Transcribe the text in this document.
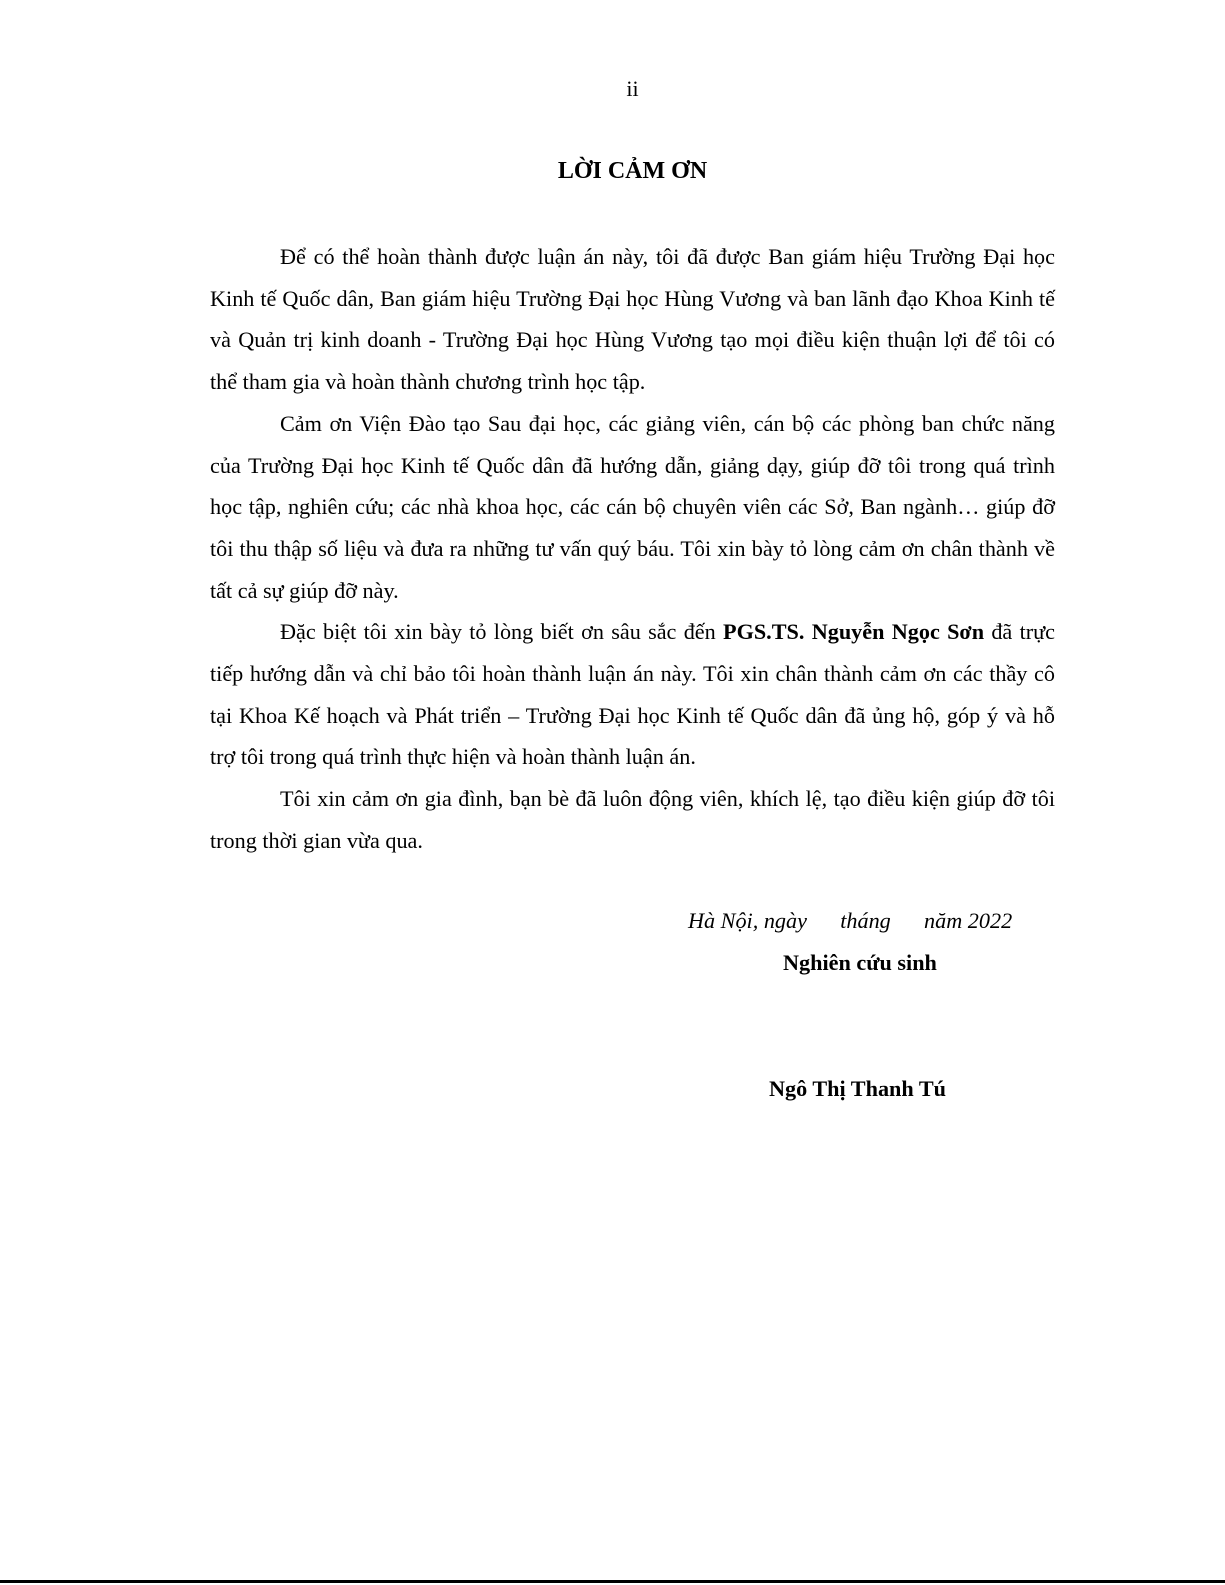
ii
LỜI CẢM ƠN

Để có thể hoàn thành được luận án này, tôi đã được Ban giám hiệu Trường Đại học Kinh tế Quốc dân, Ban giám hiệu Trường Đại học Hùng Vương và ban lãnh đạo Khoa Kinh tế và Quản trị kinh doanh - Trường Đại học Hùng Vương tạo mọi điều kiện thuận lợi để tôi có thể tham gia và hoàn thành chương trình học tập.

Cảm ơn Viện Đào tạo Sau đại học, các giảng viên, cán bộ các phòng ban chức năng của Trường Đại học Kinh tế Quốc dân đã hướng dẫn, giảng dạy, giúp đỡ tôi trong quá trình học tập, nghiên cứu; các nhà khoa học, các cán bộ chuyên viên các Sở, Ban ngành… giúp đỡ tôi thu thập số liệu và đưa ra những tư vấn quý báu. Tôi xin bày tỏ lòng cảm ơn chân thành về tất cả sự giúp đỡ này.

Đặc biệt tôi xin bày tỏ lòng biết ơn sâu sắc đến PGS.TS. Nguyễn Ngọc Sơn đã trực tiếp hướng dẫn và chỉ bảo tôi hoàn thành luận án này. Tôi xin chân thành cảm ơn các thầy cô tại Khoa Kế hoạch và Phát triển – Trường Đại học Kinh tế Quốc dân đã ủng hộ, góp ý và hỗ trợ tôi trong quá trình thực hiện và hoàn thành luận án.

Tôi xin cảm ơn gia đình, bạn bè đã luôn động viên, khích lệ, tạo điều kiện giúp đỡ tôi trong thời gian vừa qua.

Hà Nội, ngày      tháng      năm 2022
Nghiên cứu sinh
Ngô Thị Thanh Tú
